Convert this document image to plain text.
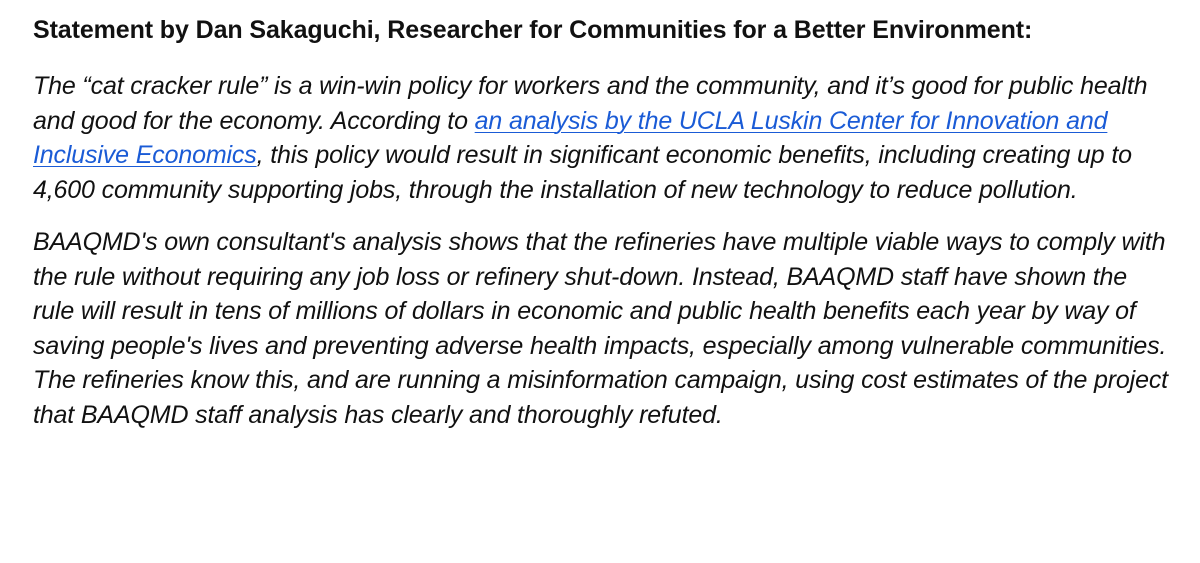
Statement by Dan Sakaguchi, Researcher for Communities for a Better Environment:
The “cat cracker rule” is a win-win policy for workers and the community, and it’s good for public health and good for the economy. According to an analysis by the UCLA Luskin Center for Innovation and Inclusive Economics, this policy would result in significant economic benefits, including creating up to 4,600 community supporting jobs, through the installation of new technology to reduce pollution.
BAAQMD's own consultant's analysis shows that the refineries have multiple viable ways to comply with the rule without requiring any job loss or refinery shut-down. Instead, BAAQMD staff have shown the rule will result in tens of millions of dollars in economic and public health benefits each year by way of saving people's lives and preventing adverse health impacts, especially among vulnerable communities. The refineries know this, and are running a misinformation campaign, using cost estimates of the project that BAAQMD staff analysis has clearly and thoroughly refuted.
